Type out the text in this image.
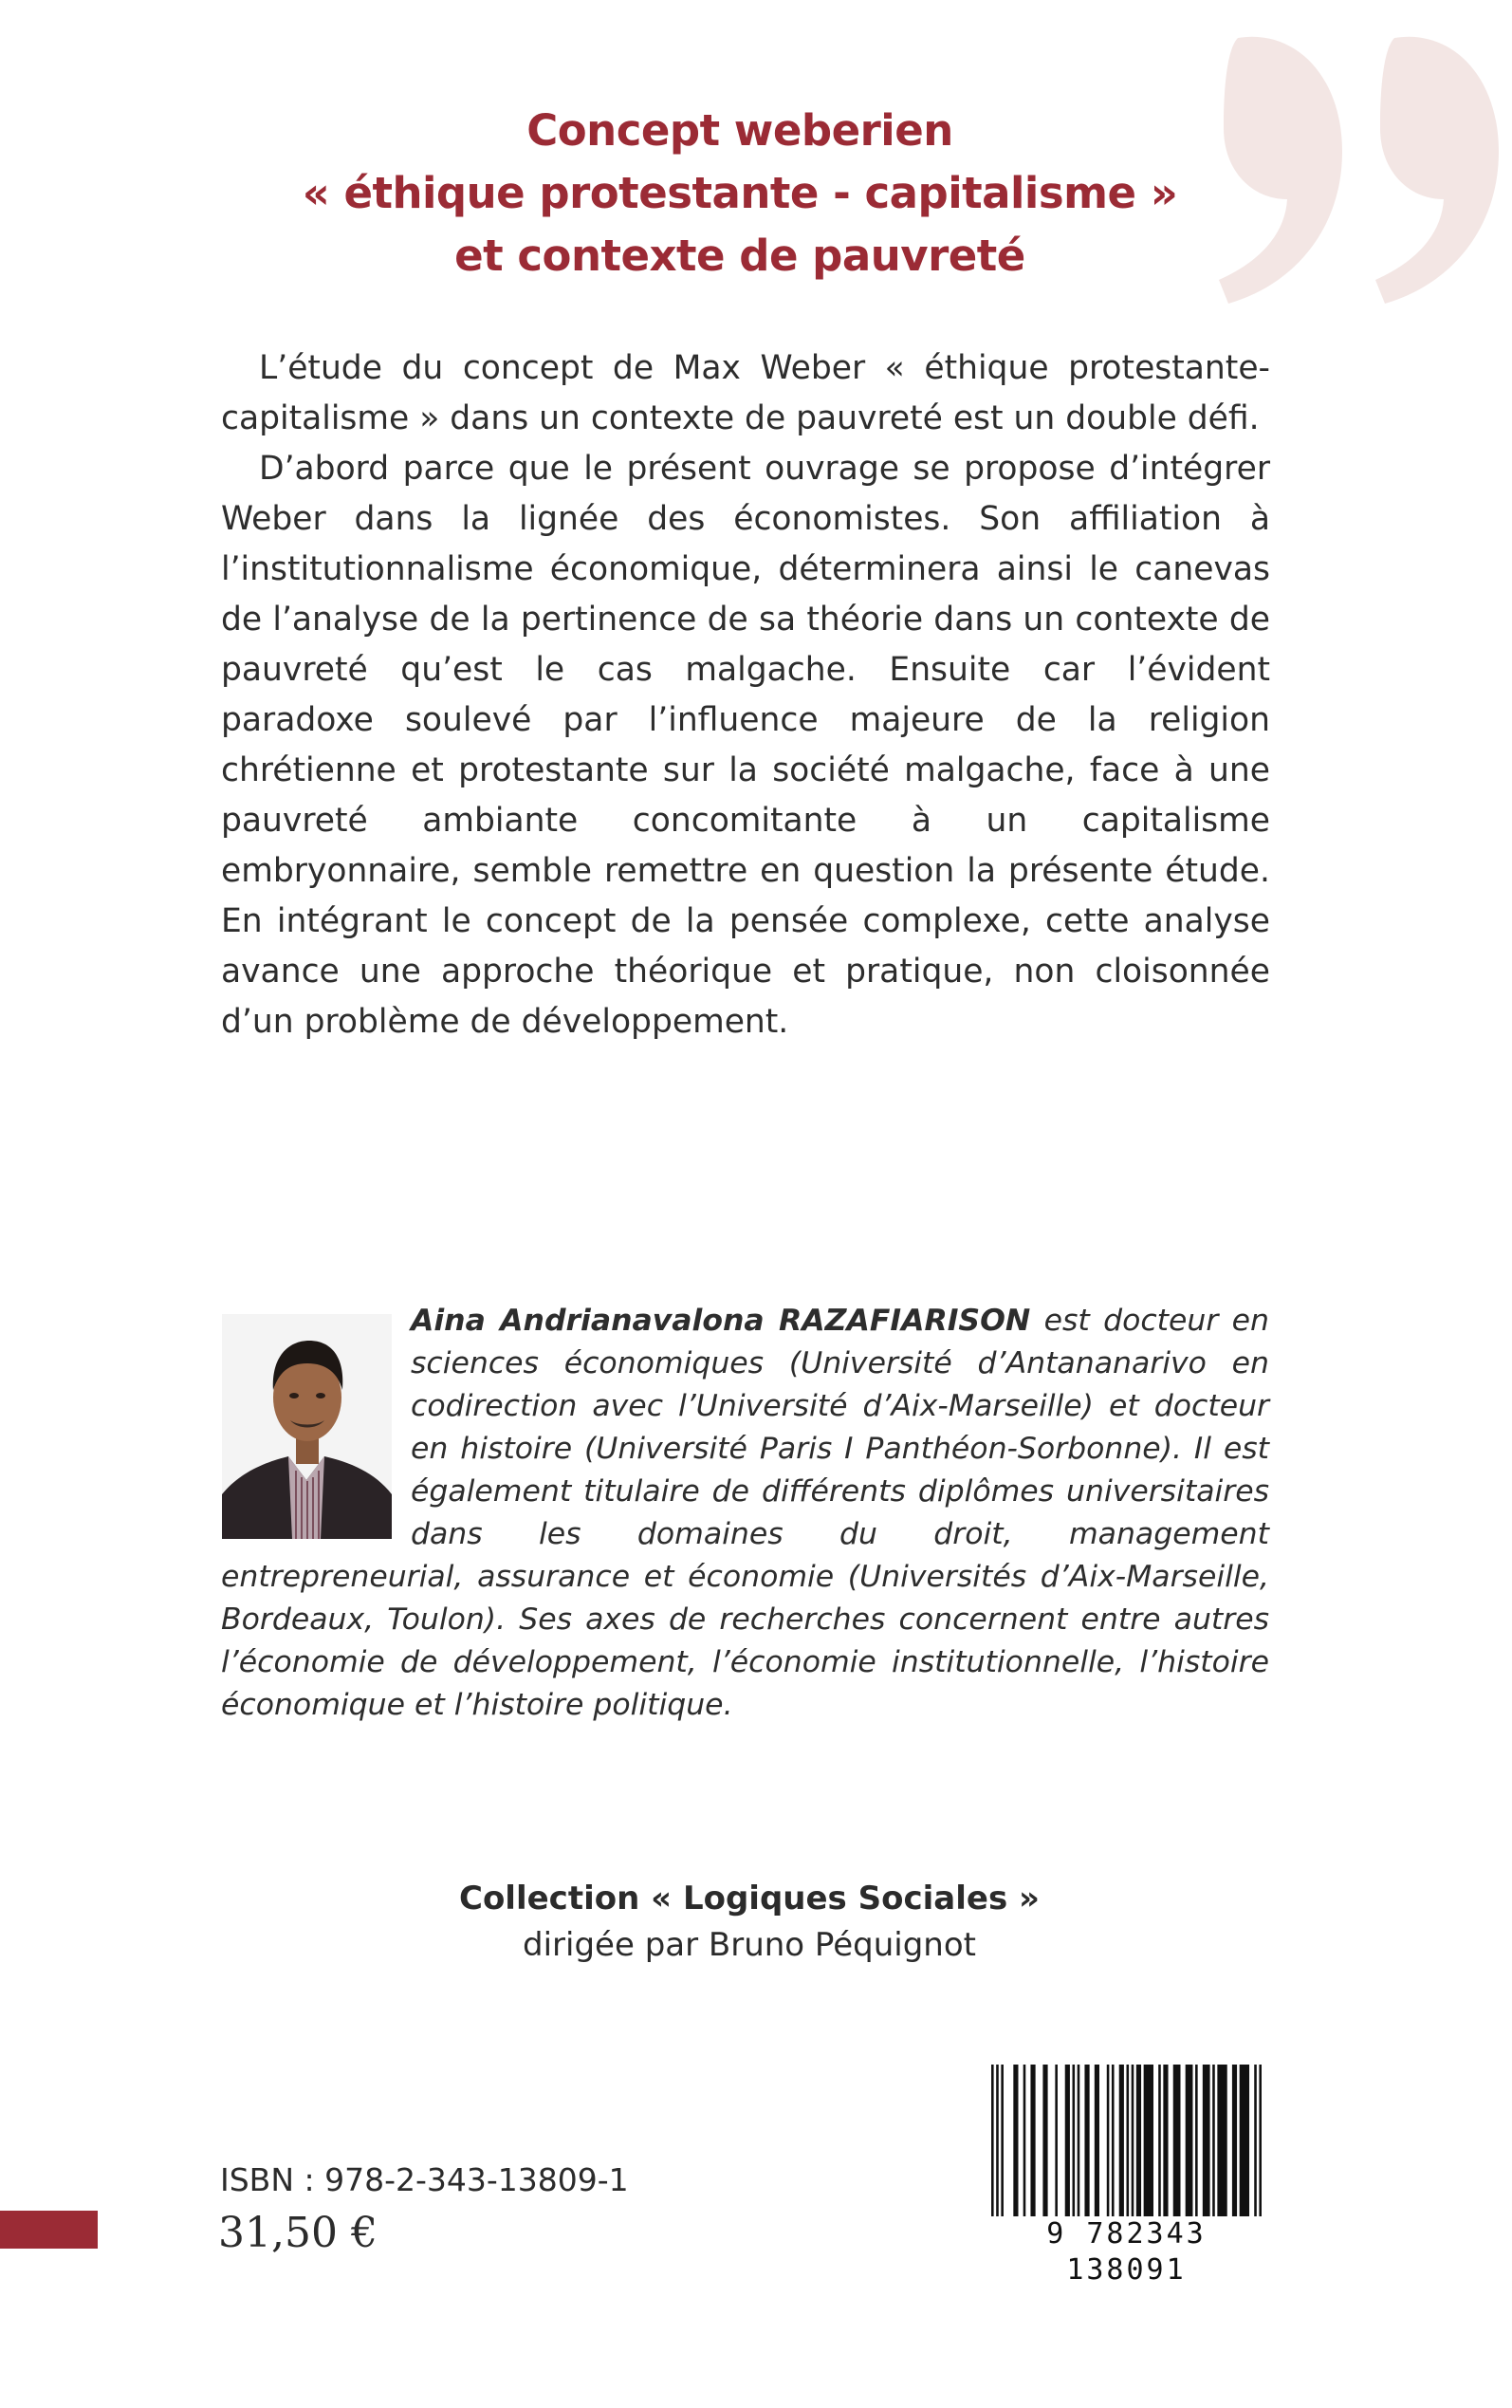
Concept weberien
« éthique protestante - capitalisme »
et contexte de pauvreté

L’étude du concept de Max Weber « éthique protestante-capitalisme » dans un contexte de pauvreté est un double défi.

D’abord parce que le présent ouvrage se propose d’intégrer Weber dans la lignée des économistes. Son affiliation à l’institutionnalisme économique, déterminera ainsi le canevas de l’analyse de la pertinence de sa théorie dans un contexte de pauvreté qu’est le cas malgache. Ensuite car l’évident paradoxe soulevé par l’influence majeure de la religion chrétienne et protestante sur la société malgache, face à une pauvreté ambiante concomitante à un capitalisme embryonnaire, semble remettre en question la présente étude. En intégrant le concept de la pensée complexe, cette analyse avance une approche théorique et pratique, non cloisonnée d’un problème de développement.

Aina Andrianavalona RAZAFIARISON est docteur en sciences économiques (Université d’Antananarivo en codirection avec l’Université d’Aix-Marseille) et docteur en histoire (Université Paris I Panthéon-Sorbonne). Il est également titulaire de différents diplômes universitaires dans les domaines du droit, management entrepreneurial, assurance et économie (Universités d’Aix-Marseille, Bordeaux, Toulon). Ses axes de recherches concernent entre autres l’économie de développement, l’économie institutionnelle, l’histoire économique et l’histoire politique.
Collection « Logiques Sociales »
dirigée par Bruno Péquignot
ISBN : 978-2-343-13809-1
31,50 €	9 782343 138091
